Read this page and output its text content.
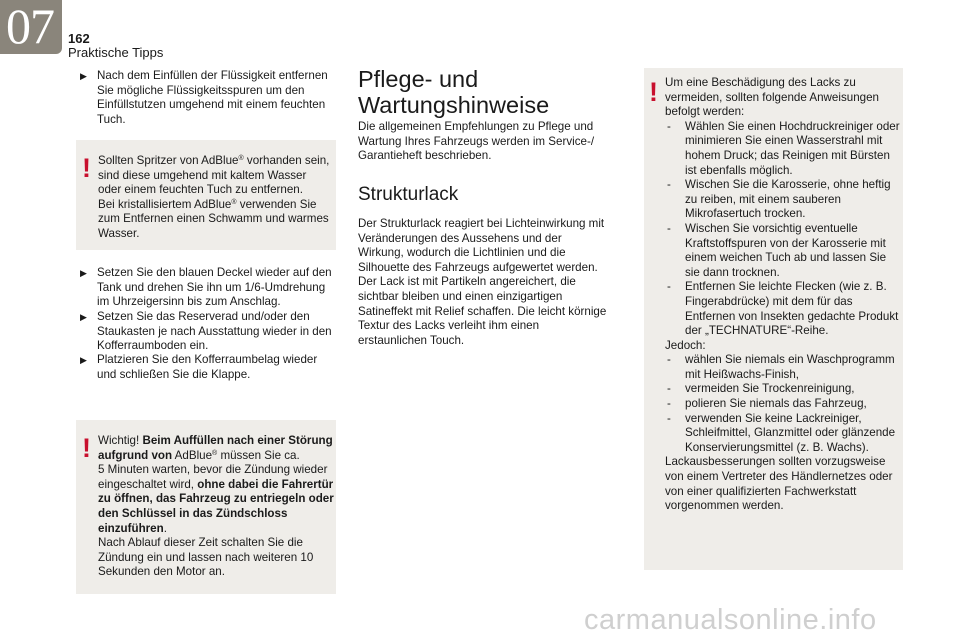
07 162
Praktische Tipps
▶ Nach dem Einfüllen der Flüssigkeit entfernen Sie mögliche Flüssigkeitsspuren um den Einfüllstutzen umgehend mit einem feuchten Tuch.
! Sollten Spritzer von AdBlue® vorhanden sein, sind diese umgehend mit kaltem Wasser oder einem feuchten Tuch zu entfernen.

Bei kristallisiertem AdBlue® verwenden Sie zum Entfernen einen Schwamm und warmes Wasser.

▶ Setzen Sie den blauen Deckel wieder auf den Tank und drehen Sie ihn um 1/6-Umdrehung im Uhrzeigersinn bis zum Anschlag.
▶ Setzen Sie das Reserverad und/oder den Staukasten je nach Ausstattung wieder in den Kofferraumboden ein.
▶ Platzieren Sie den Kofferraumbelag wieder und schließen Sie die Klappe.
! Wichtig! Beim Auffüllen nach einer Störung aufgrund von AdBlue® müssen Sie ca.

5 Minuten warten, bevor die Zündung wieder eingeschaltet wird, ohne dabei die Fahrertür zu öffnen, das Fahrzeug zu entriegeln oder den Schlüssel in das Zündschloss einzuführen.

Nach Ablauf dieser Zeit schalten Sie die Zündung ein und lassen nach weiteren 10 Sekunden den Motor an.

Pflege- und Wartungshinweise
Die allgemeinen Empfehlungen zu Pflege und Wartung Ihres Fahrzeugs werden im Service-/ Garantieheft beschrieben.
Strukturlack
Der Strukturlack reagiert bei Lichteinwirkung mit Veränderungen des Aussehens und der Wirkung, wodurch die Lichtlinien und die Silhouette des Fahrzeugs aufgewertet werden. Der Lack ist mit Partikeln angereichert, die sichtbar bleiben und einen einzigartigen Satineffekt mit Relief schaffen. Die leicht körnige Textur des Lacks verleiht ihm einen erstaunlichen Touch.
! Um eine Beschädigung des Lacks zu vermeiden, sollten folgende Anweisungen befolgt werden:

- Wählen Sie einen Hochdruckreiniger oder minimieren Sie einen Wasserstrahl mit hohem Druck; das Reinigen mit Bürsten ist ebenfalls möglich.
- Wischen Sie die Karosserie, ohne heftig zu reiben, mit einem sauberen Mikrofasertuch trocken.
- Wischen Sie vorsichtig eventuelle Kraftstoffspuren von der Karosserie mit einem weichen Tuch ab und lassen Sie sie dann trocknen.
- Entfernen Sie leichte Flecken (wie z. B. Fingerabdrücke) mit dem für das Entfernen von Insekten gedachte Produkt der „TECHNATURE“-Reihe.

Jedoch:

- wählen Sie niemals ein Waschprogramm mit Heißwachs-Finish,
- vermeiden Sie Trockenreinigung,
- polieren Sie niemals das Fahrzeug,
- verwenden Sie keine Lackreiniger, Schleifmittel, Glanzmittel oder glänzende Konservierungsmittel (z. B. Wachs).

Lackausbesserungen sollten vorzugsweise von einem Vertreter des Händlernetzes oder von einer qualifizierten Fachwerkstatt vorgenommen werden.

carmanualsonline.info
